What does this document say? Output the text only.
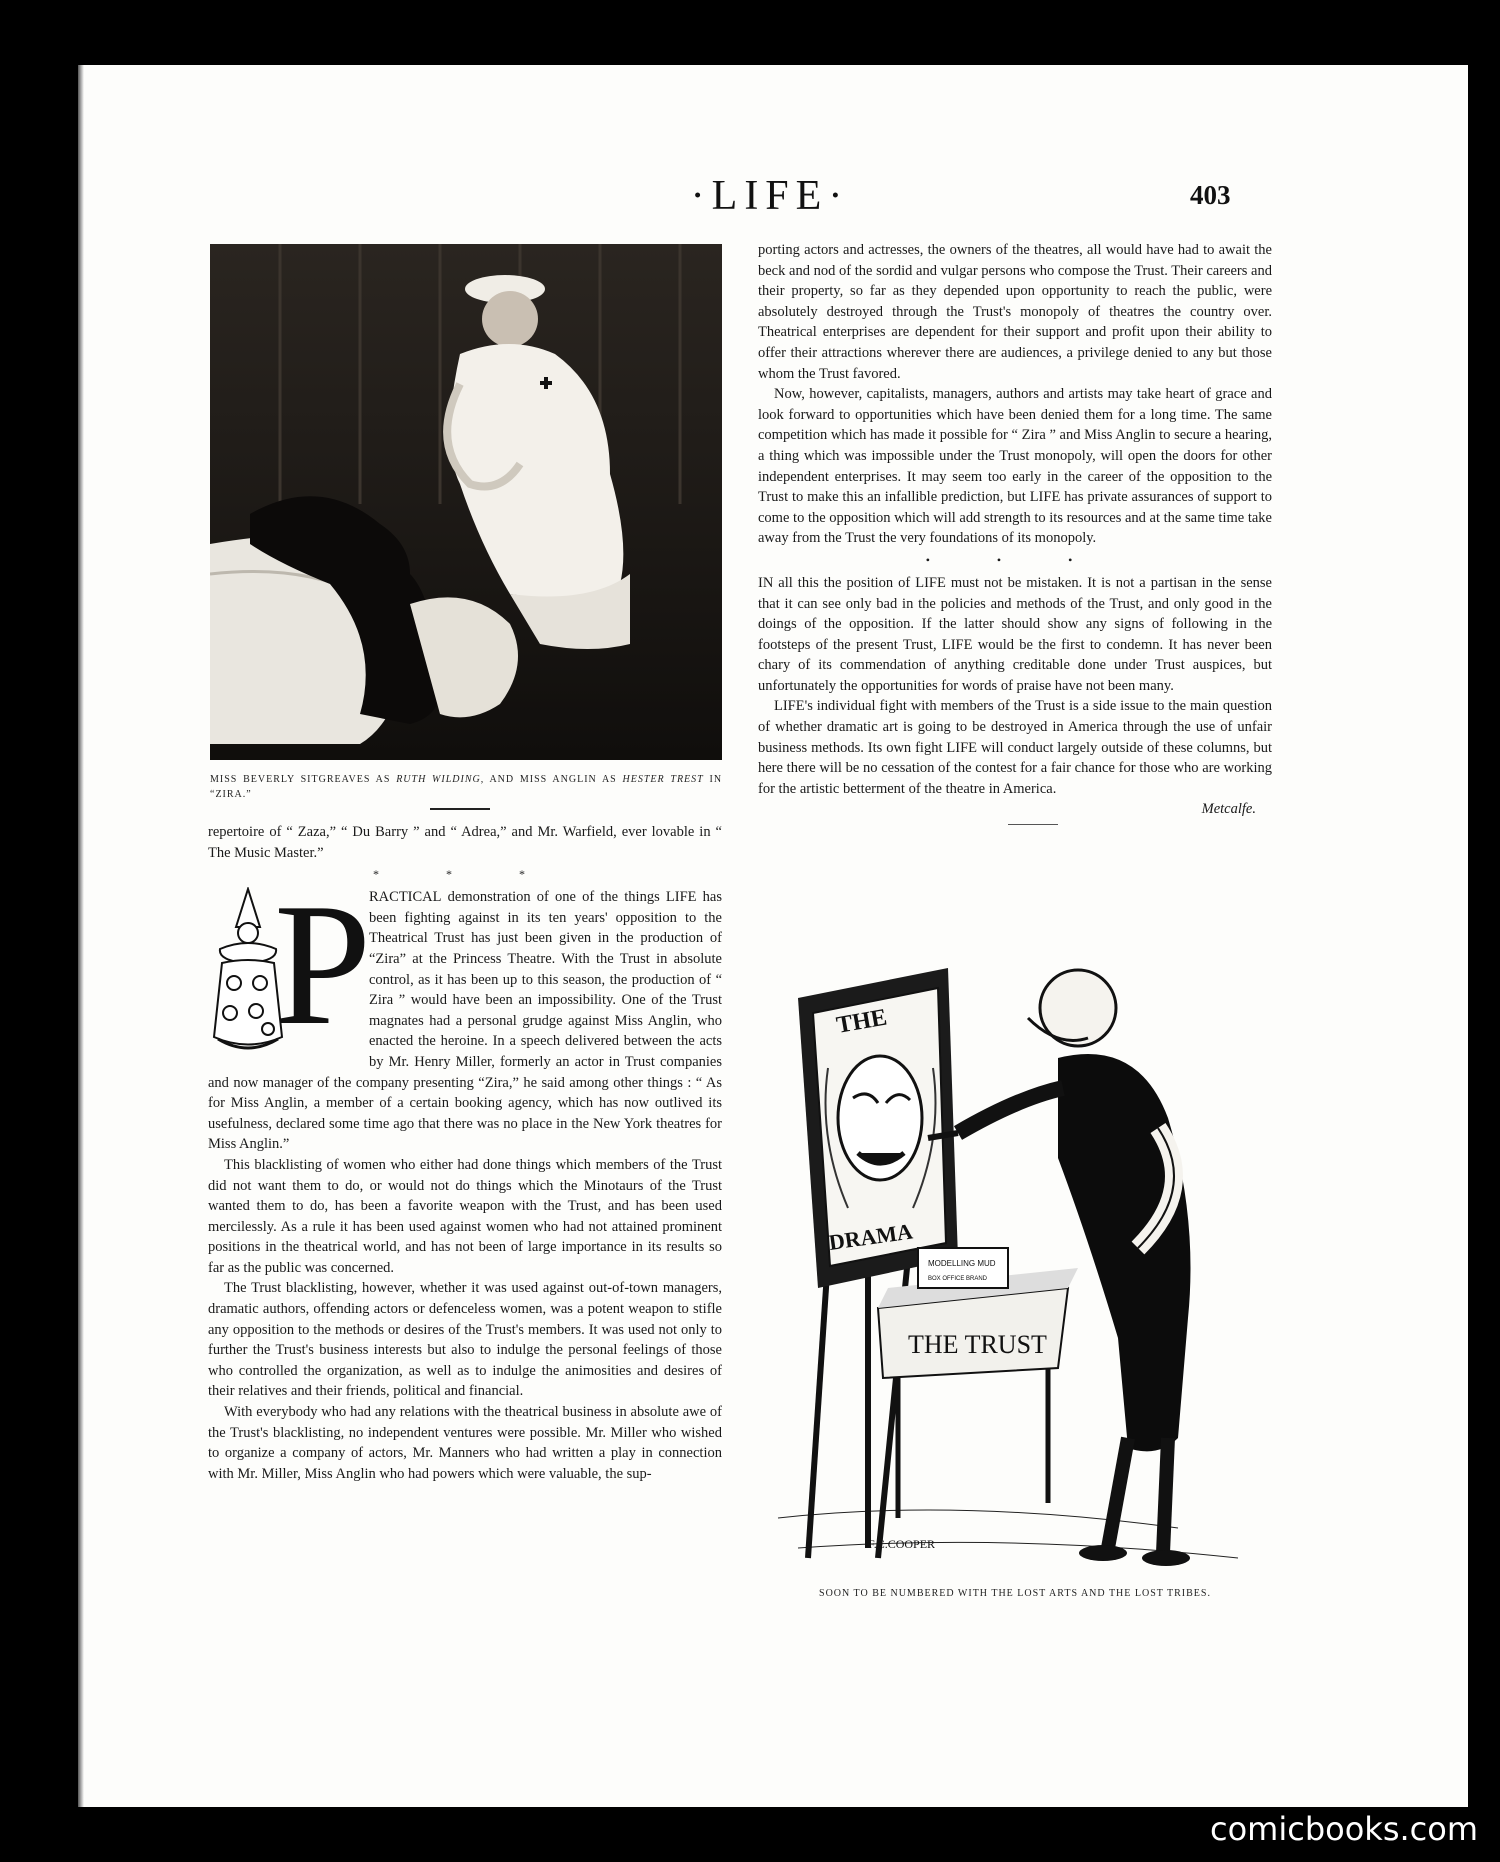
·LIFE·	403
MISS BEVERLY SITGREAVES AS RUTH WILDING, AND MISS ANGLIN AS HESTER TREST IN “ZIRA.”

repertoire of “ Zaza,” “ Du Barry ” and “ Adrea,” and Mr. Warfield, ever lovable in “ The Music Master.”

* * *

P
RACTICAL demonstration of one of the things LIFE has been fighting against in its ten years' opposition to the Theatrical Trust has just been given in the production of “Zira” at the Princess Theatre. With the Trust in absolute control, as it has been up to this season, the production of “ Zira ” would have been an impossibility. One of the Trust magnates had a personal grudge against Miss Anglin, who enacted the heroine. In a speech delivered between the acts by Mr. Henry Miller, formerly an actor in Trust companies and now manager of the company presenting “Zira,” he said among other things : “ As for Miss Anglin, a member of a certain booking agency, which has now outlived its usefulness, declared some time ago that there was no place in the New York theatres for Miss Anglin.”

This blacklisting of women who either had done things which members of the Trust did not want them to do, or would not do things which the Minotaurs of the Trust wanted them to do, has been a favorite weapon with the Trust, and has been used mercilessly. As a rule it has been used against women who had not attained prominent positions in the theatrical world, and has not been of large importance in its results so far as the public was concerned.

The Trust blacklisting, however, whether it was used against out-of-town managers, dramatic authors, offending actors or defenceless women, was a potent weapon to stifle any opposition to the methods or desires of the Trust's members. It was used not only to further the Trust's business interests but also to indulge the personal feelings of those who controlled the organization, as well as to indulge the animosities and desires of their relatives and their friends, political and financial.

With everybody who had any relations with the theatrical business in absolute awe of the Trust's blacklisting, no independent ventures were possible. Mr. Miller who wished to organize a company of actors, Mr. Manners who had written a play in connection with Mr. Miller, Miss Anglin who had powers which were valuable, the sup-

porting actors and actresses, the owners of the theatres, all would have had to await the beck and nod of the sordid and vulgar persons who compose the Trust. Their careers and their property, so far as they depended upon opportunity to reach the public, were absolutely destroyed through the Trust's monopoly of theatres the country over. Theatrical enterprises are dependent for their support and profit upon their ability to offer their attractions wherever there are audiences, a privilege denied to any but those whom the Trust favored.

Now, however, capitalists, managers, authors and artists may take heart of grace and look forward to opportunities which have been denied them for a long time. The same competition which has made it possible for “ Zira ” and Miss Anglin to secure a hearing, a thing which was impossible under the Trust monopoly, will open the doors for other independent enterprises. It may seem too early in the career of the opposition to the Trust to make this an infallible prediction, but LIFE has private assurances of support to come to the opposition which will add strength to its resources and at the same time take away from the Trust the very foundations of its monopoly.

• • •

IN all this the position of LIFE must not be mistaken. It is not a partisan in the sense that it can see only bad in the policies and methods of the Trust, and only good in the doings of the opposition. If the latter should show any signs of following in the footsteps of the present Trust, LIFE would be the first to condemn. It has never been chary of its commendation of anything creditable done under Trust auspices, but unfortunately the opportunities for words of praise have not been many.

LIFE's individual fight with members of the Trust is a side issue to the main question of whether dramatic art is going to be destroyed in America through the use of unfair business methods. Its own fight LIFE will conduct largely outside of these columns, but here there will be no cessation of the contest for a fair chance for those who are working for the artistic betterment of the theatre in America.

Metcalfe.
THE
DRAMA
THE TRUST
MODELLING MUD
BOX OFFICE BRAND
F.C.COOPER
SOON TO BE NUMBERED WITH THE LOST ARTS AND THE LOST TRIBES.
comicbooks.com
